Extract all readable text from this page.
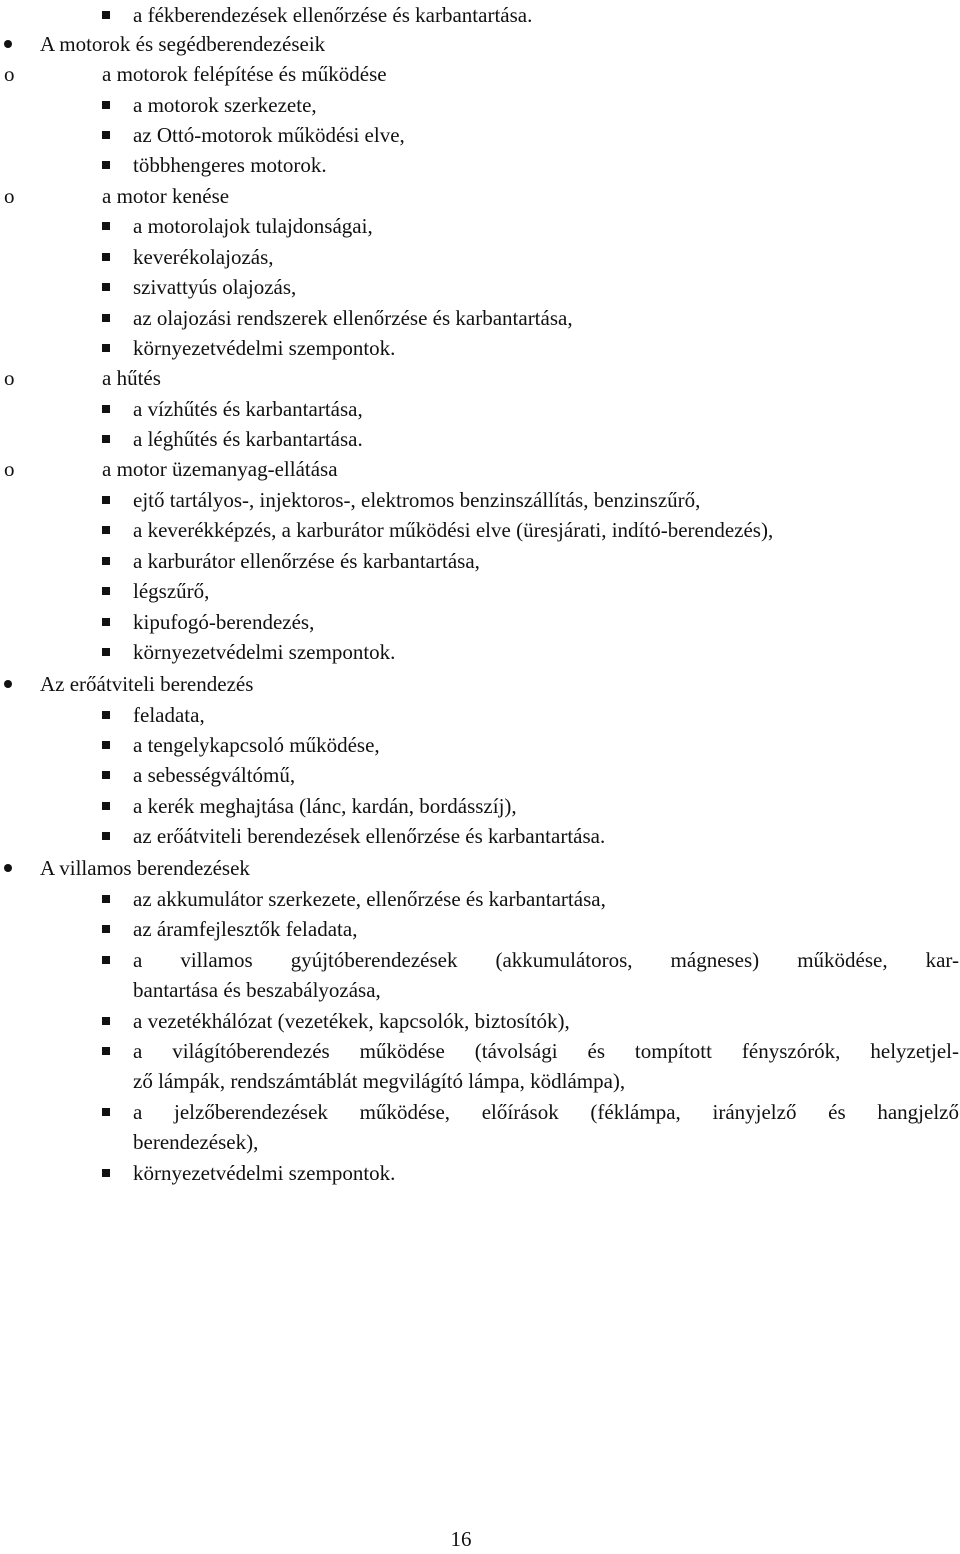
a fékberendezések ellenőrzése és karbantartása.
A motorok és segédberendezéseik
o	a motorok felépítése és működése
a motorok szerkezete,
az Ottó-motorok működési elve,
többhengeres motorok.
o	a motor kenése
a motorolajok tulajdonságai,
keverékolajozás,
szivattyús olajozás,
az olajozási rendszerek ellenőrzése és karbantartása,
környezetvédelmi szempontok.
o	a hűtés
a vízhűtés és karbantartása,
a léghűtés és karbantartása.
o	a motor üzemanyag-ellátása
ejtő tartályos-, injektoros-, elektromos benzinszállítás, benzinszűrő,
a keverékképzés, a karburátor működési elve (üresjárati, indító-berendezés),
a karburátor ellenőrzése és karbantartása,
légszűrő,
kipufogó-berendezés,
környezetvédelmi szempontok.
Az erőátviteli berendezés
feladata,
a tengelykapcsoló működése,
a sebességváltómű,
a kerék meghajtása (lánc, kardán, bordásszíj),
az erőátviteli berendezések ellenőrzése és karbantartása.
A villamos berendezések
az akkumulátor szerkezete, ellenőrzése és karbantartása,
az áramfejlesztők feladata,
a villamos gyújtóberendezések (akkumulátoros, mágneses) működése, kar-
bantartása és beszabályozása,
a vezetékhálózat (vezetékek, kapcsolók, biztosítók),
a világítóberendezés működése (távolsági és tompított fényszórók, helyzetjel-
ző lámpák, rendszámtáblát megvilágító lámpa, ködlámpa),
a jelzőberendezések működése, előírások (féklámpa, irányjelző és hangjelző
berendezések),
környezetvédelmi szempontok.
16
